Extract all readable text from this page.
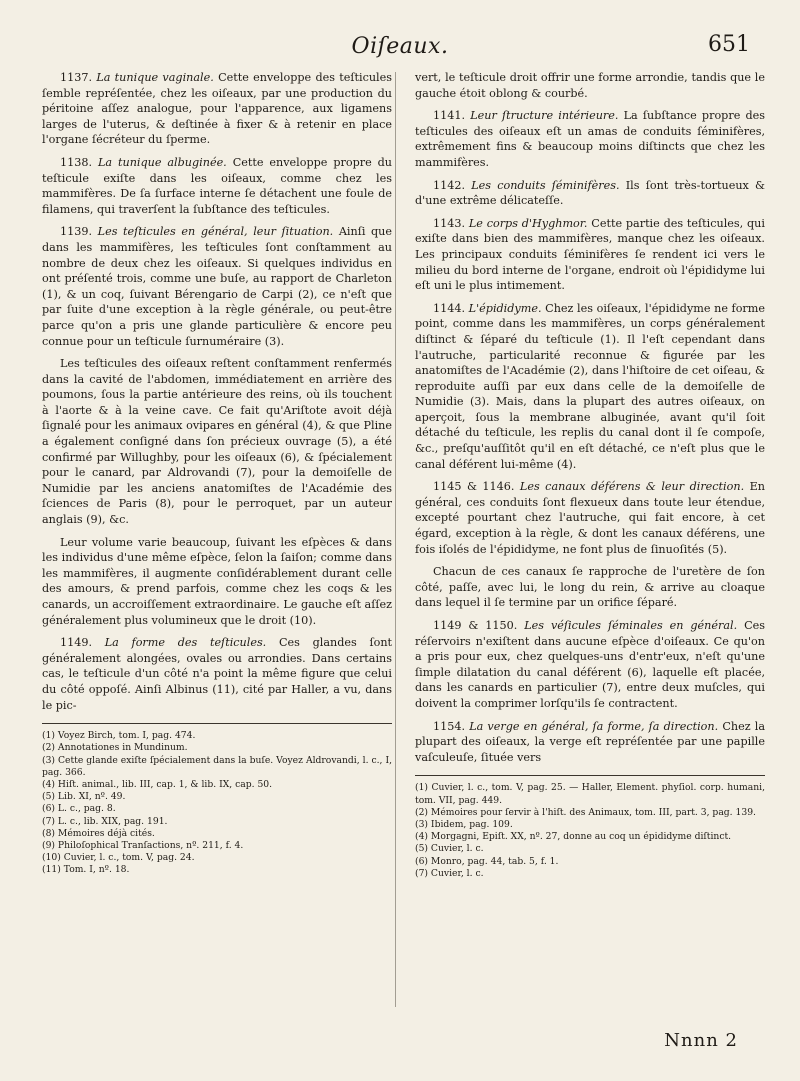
Oiſeaux.	651

1137. La tunique vaginale. Cette enveloppe des teſticules ſemble repréſentée, chez les oiſeaux, par une production du péritoine aſſez analogue, pour l'apparence, aux ligamens larges de l'uterus, & deſtinée à fixer & à retenir en place l'organe ſécréteur du ſperme.

1138. La tunique albuginée. Cette enveloppe propre du teſticule exiſte dans les oiſeaux, comme chez les mammifères. De ſa ſurface interne ſe détachent une foule de filamens, qui traverſent la ſubſtance des teſticules.

1139. Les teſticules en général, leur ſituation. Ainſi que dans les mammifères, les teſticules ſont conſtamment au nombre de deux chez les oiſeaux. Si quelques individus en ont préſenté trois, comme une buſe, au rapport de Charleton (1), & un coq, ſuivant Bérengario de Carpi (2), ce n'eſt que par ſuite d'une exception à la règle générale, ou peut-être parce qu'on a pris une glande particulière & encore peu connue pour un teſticule ſurnuméraire (3).

Les teſticules des oiſeaux reſtent conſtamment renfermés dans la cavité de l'abdomen, immédiatement en arrière des poumons, ſous la partie antérieure des reins, où ils touchent à l'aorte & à la veine cave. Ce fait qu'Ariſtote avoit déjà ſignalé pour les animaux ovipares en général (4), & que Pline a également conſigné dans ſon précieux ouvrage (5), a été confirmé par Willughby, pour les oiſeaux (6), & ſpécialement pour le canard, par Aldrovandi (7), pour la demoiſelle de Numidie par les anciens anatomiſtes de l'Académie des ſciences de Paris (8), pour le perroquet, par un auteur anglais (9), &c.

Leur volume varie beaucoup, ſuivant les eſpèces & dans les individus d'une même eſpèce, ſelon la ſaiſon; comme dans les mammifères, il augmente conſidérablement durant celle des amours, & prend parfois, comme chez les coqs & les canards, un accroiſſement extraordinaire. Le gauche eſt aſſez généralement plus volumineux que le droit (10).

1149. La forme des teſticules. Ces glandes ſont généralement alongées, ovales ou arrondies. Dans certains cas, le teſticule d'un côté n'a point la même figure que celui du côté oppoſé. Ainſi Albinus (11), cité par Haller, a vu, dans le pic-

(1) Voyez Birch, tom. I, pag. 474.
(2) Annotationes in Mundinum.
(3) Cette glande exiſte ſpécialement dans la buſe. Voyez Aldrovandi, l. c., I, pag. 366.
(4) Hiſt. animal., lib. III, cap. 1, & lib. IX, cap. 50.
(5) Lib. XI, nº. 49.
(6) L. c., pag. 8.
(7) L. c., lib. XIX, pag. 191.
(8) Mémoires déjà cités.
(9) Philoſophical Tranſactions, nº. 211, f. 4.
(10) Cuvier, l. c., tom. V, pag. 24.
(11) Tom. I, nº. 18.

vert, le teſticule droit offrir une forme arrondie, tandis que le gauche étoit oblong & courbé.

1141. Leur ſtructure intérieure. La ſubſtance propre des teſticules des oiſeaux eſt un amas de conduits ſéminifères, extrêmement fins & beaucoup moins diſtincts que chez les mammifères.

1142. Les conduits ſéminifères. Ils ſont très-tortueux & d'une extrême délicateſſe.

1143. Le corps d'Hyghmor. Cette partie des teſticules, qui exiſte dans bien des mammifères, manque chez les oiſeaux. Les principaux conduits ſéminifères ſe rendent ici vers le milieu du bord interne de l'organe, endroit où l'épididyme lui eſt uni le plus intimement.

1144. L'épididyme. Chez les oiſeaux, l'épididyme ne forme point, comme dans les mammifères, un corps généralement diſtinct & ſéparé du teſticule (1). Il l'eſt cependant dans l'autruche, particularité reconnue & figurée par les anatomiſtes de l'Académie (2), dans l'hiſtoire de cet oiſeau, & reproduite auſſi par eux dans celle de la demoiſelle de Numidie (3). Mais, dans la plupart des autres oiſeaux, on aperçoit, ſous la membrane albuginée, avant qu'il ſoit détaché du teſticule, les replis du canal dont il ſe compoſe, &c., preſqu'auſſitôt qu'il en eſt détaché, ce n'eſt plus que le canal déférent lui-même (4).

1145 & 1146. Les canaux déférens & leur direction. En général, ces conduits ſont flexueux dans toute leur étendue, excepté pourtant chez l'autruche, qui fait encore, à cet égard, exception à la règle, & dont les canaux déférens, une fois iſolés de l'épididyme, ne font plus de ſinuoſités (5).

Chacun de ces canaux ſe rapproche de l'uretère de ſon côté, paſſe, avec lui, le long du rein, & arrive au cloaque dans lequel il ſe termine par un orifice ſéparé.

1149 & 1150. Les véſicules ſéminales en général. Ces réſervoirs n'exiſtent dans aucune eſpèce d'oiſeaux. Ce qu'on a pris pour eux, chez quelques-uns d'entr'eux, n'eſt qu'une ſimple dilatation du canal déférent (6), laquelle eſt placée, dans les canards en particulier (7), entre deux muſcles, qui doivent la comprimer lorſqu'ils ſe contractent.

1154. La verge en général, ſa forme, ſa direction. Chez la plupart des oiſeaux, la verge eſt repréſentée par une papille vaſculeuſe, ſituée vers

(1) Cuvier, l. c., tom. V, pag. 25. — Haller, Element. phyſiol. corp. humani, tom. VII, pag. 449.
(2) Mémoires pour ſervir à l'hiſt. des Animaux, tom. III, part. 3, pag. 139.
(3) Ibidem, pag. 109.
(4) Morgagni, Epiſt. XX, nº. 27, donne au coq un épididyme diſtinct.
(5) Cuvier, l. c.
(6) Monro, pag. 44, tab. 5, f. 1.
(7) Cuvier, l. c.
Nnnn 2
